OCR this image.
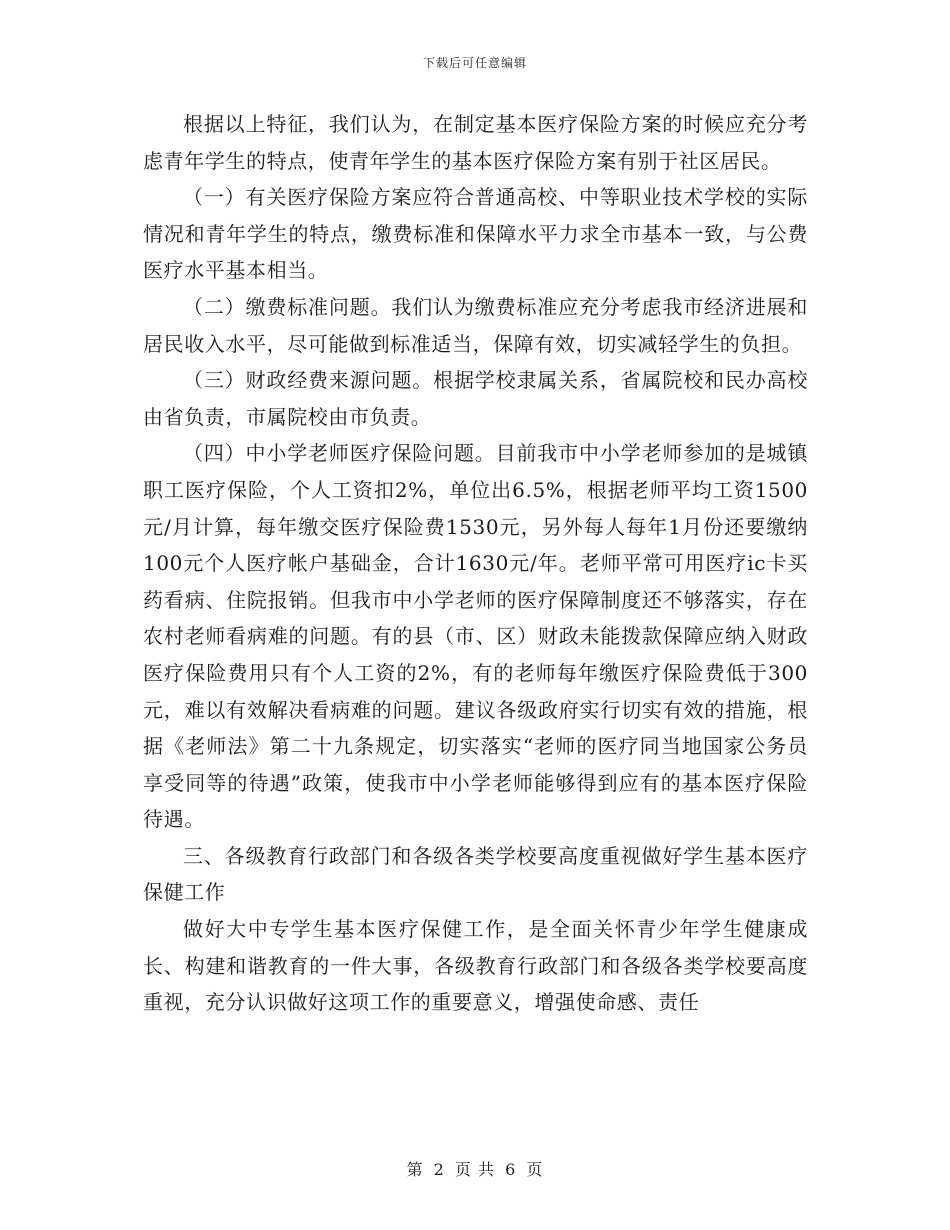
下载后可任意编辑

根据以上特征，我们认为，在制定基本医疗保险方案的时候应充分考虑青年学生的特点，使青年学生的基本医疗保险方案有别于社区居民。

（一）有关医疗保险方案应符合普通高校、中等职业技术学校的实际情况和青年学生的特点，缴费标准和保障水平力求全市基本一致，与公费医疗水平基本相当。

（二）缴费标准问题。我们认为缴费标准应充分考虑我市经济进展和居民收入水平，尽可能做到标准适当，保障有效，切实减轻学生的负担。

（三）财政经费来源问题。根据学校隶属关系，省属院校和民办高校由省负责，市属院校由市负责。

（四）中小学老师医疗保险问题。目前我市中小学老师参加的是城镇职工医疗保险，个人工资扣2%，单位出6.5%，根据老师平均工资1500元/月计算，每年缴交医疗保险费1530元，另外每人每年1月份还要缴纳100元个人医疗帐户基础金，合计1630元/年。老师平常可用医疗ic卡买药看病、住院报销。但我市中小学老师的医疗保障制度还不够落实，存在农村老师看病难的问题。有的县（市、区）财政未能拨款保障应纳入财政医疗保险费用只有个人工资的2%，有的老师每年缴医疗保险费低于300元，难以有效解决看病难的问题。建议各级政府实行切实有效的措施，根据《老师法》第二十九条规定，切实落实“老师的医疗同当地国家公务员享受同等的待遇”政策，使我市中小学老师能够得到应有的基本医疗保险待遇。

三、各级教育行政部门和各级各类学校要高度重视做好学生基本医疗保健工作

做好大中专学生基本医疗保健工作，是全面关怀青少年学生健康成长、构建和谐教育的一件大事，各级教育行政部门和各级各类学校要高度重视，充分认识做好这项工作的重要意义，增强使命感、责任

第 2 页 共 6 页
